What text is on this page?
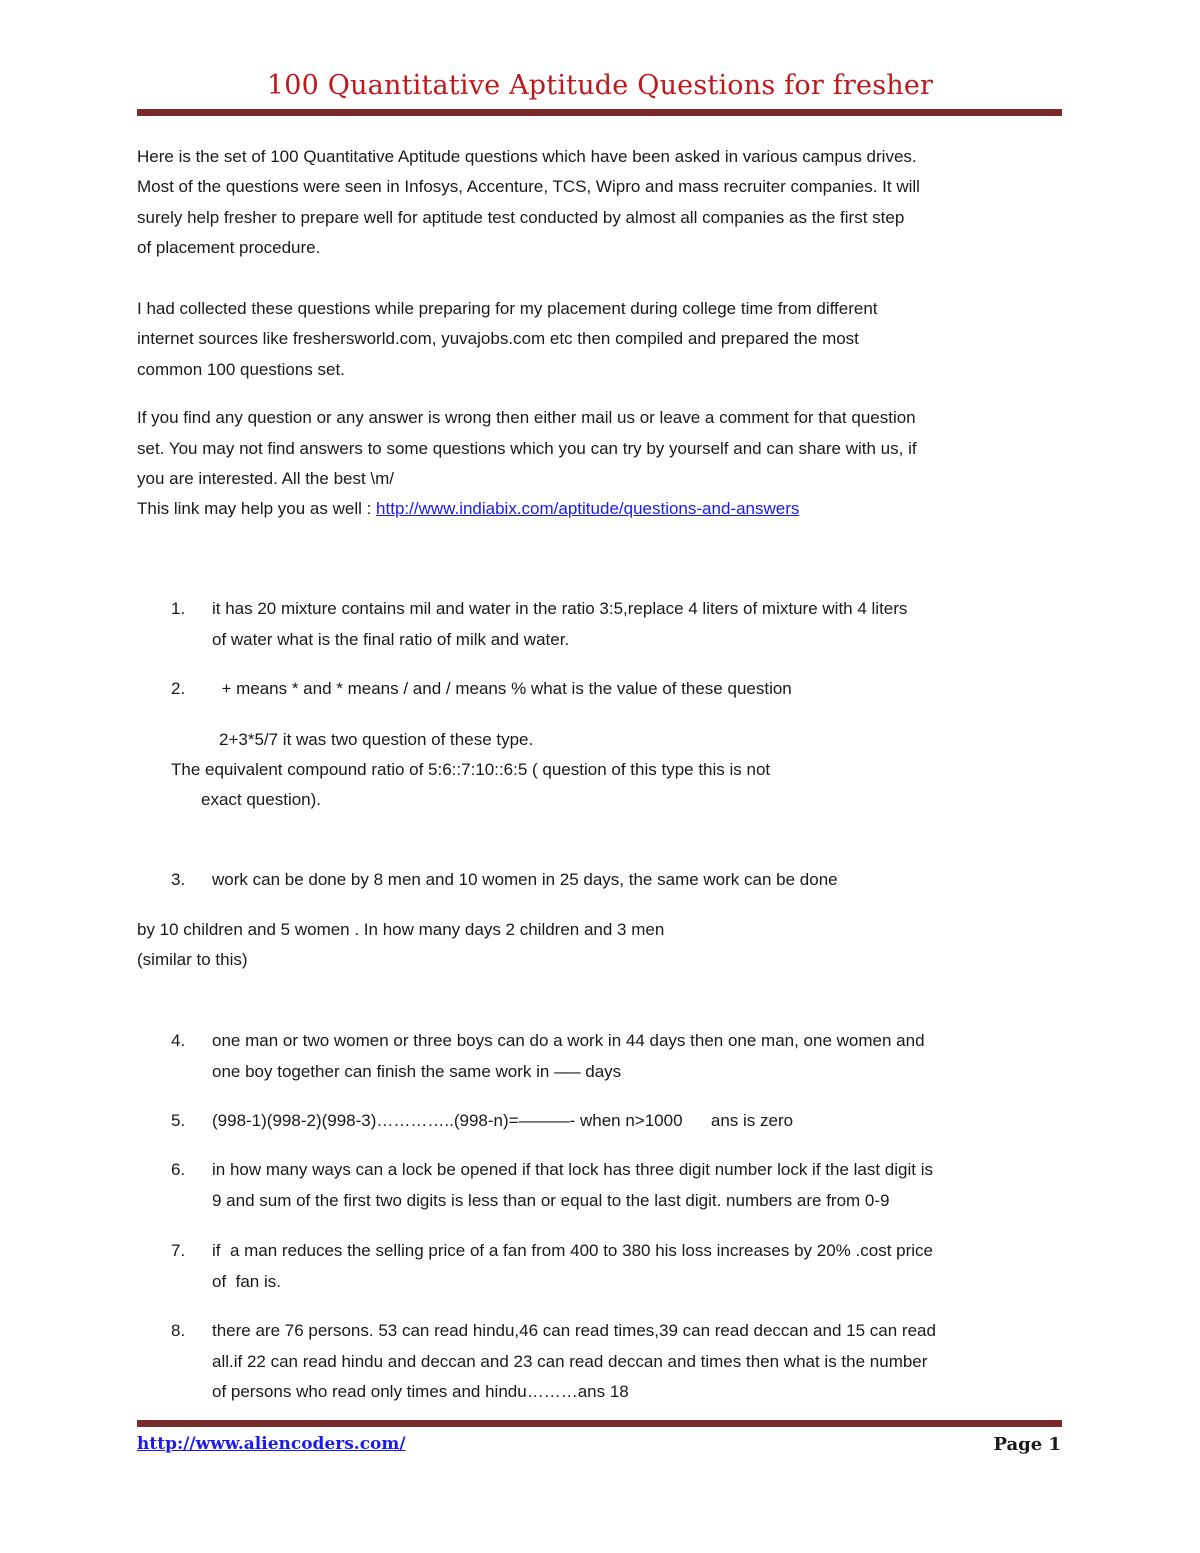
100 Quantitative Aptitude Questions for fresher
Here is the set of 100 Quantitative Aptitude questions which have been asked in various campus drives.
Most of the questions were seen in Infosys, Accenture, TCS, Wipro and mass recruiter companies. It will
surely help fresher to prepare well for aptitude test conducted by almost all companies as the first step
of placement procedure.
I had collected these questions while preparing for my placement during college time from different
internet sources like freshersworld.com, yuvajobs.com etc then compiled and prepared the most
common 100 questions set.
If you find any question or any answer is wrong then either mail us or leave a comment for that question
set. You may not find answers to some questions which you can try by yourself and can share with us, if
you are interested. All the best \m/
This link may help you as well : http://www.indiabix.com/aptitude/questions-and-answers
1.	it has 20 mixture contains mil and water in the ratio 3:5,replace 4 liters of mixture with 4 liters
of water what is the final ratio of milk and water.
2.	+ means * and * means / and / means % what is the value of these question
2+3*5/7 it was two question of these type.
The equivalent compound ratio of 5:6::7:10::6:5 ( question of this type this is not
exact question).
3.	work can be done by 8 men and 10 women in 25 days, the same work can be done
by 10 children and 5 women . In how many days 2 children and 3 men
(similar to this)
4.	one man or two women or three boys can do a work in 44 days then one man, one women and
one boy together can finish the same work in —– days
5.	(998-1)(998-2)(998-3)…………..(998-n)=———- when n>1000      ans is zero
6.	in how many ways can a lock be opened if that lock has three digit number lock if the last digit is
9 and sum of the first two digits is less than or equal to the last digit. numbers are from 0-9
7.	if  a man reduces the selling price of a fan from 400 to 380 his loss increases by 20% .cost price
of  fan is.
8.	there are 76 persons. 53 can read hindu,46 can read times,39 can read deccan and 15 can read
all.if 22 can read hindu and deccan and 23 can read deccan and times then what is the number
of persons who read only times and hindu………ans 18
http://www.aliencoders.com/	Page 1
